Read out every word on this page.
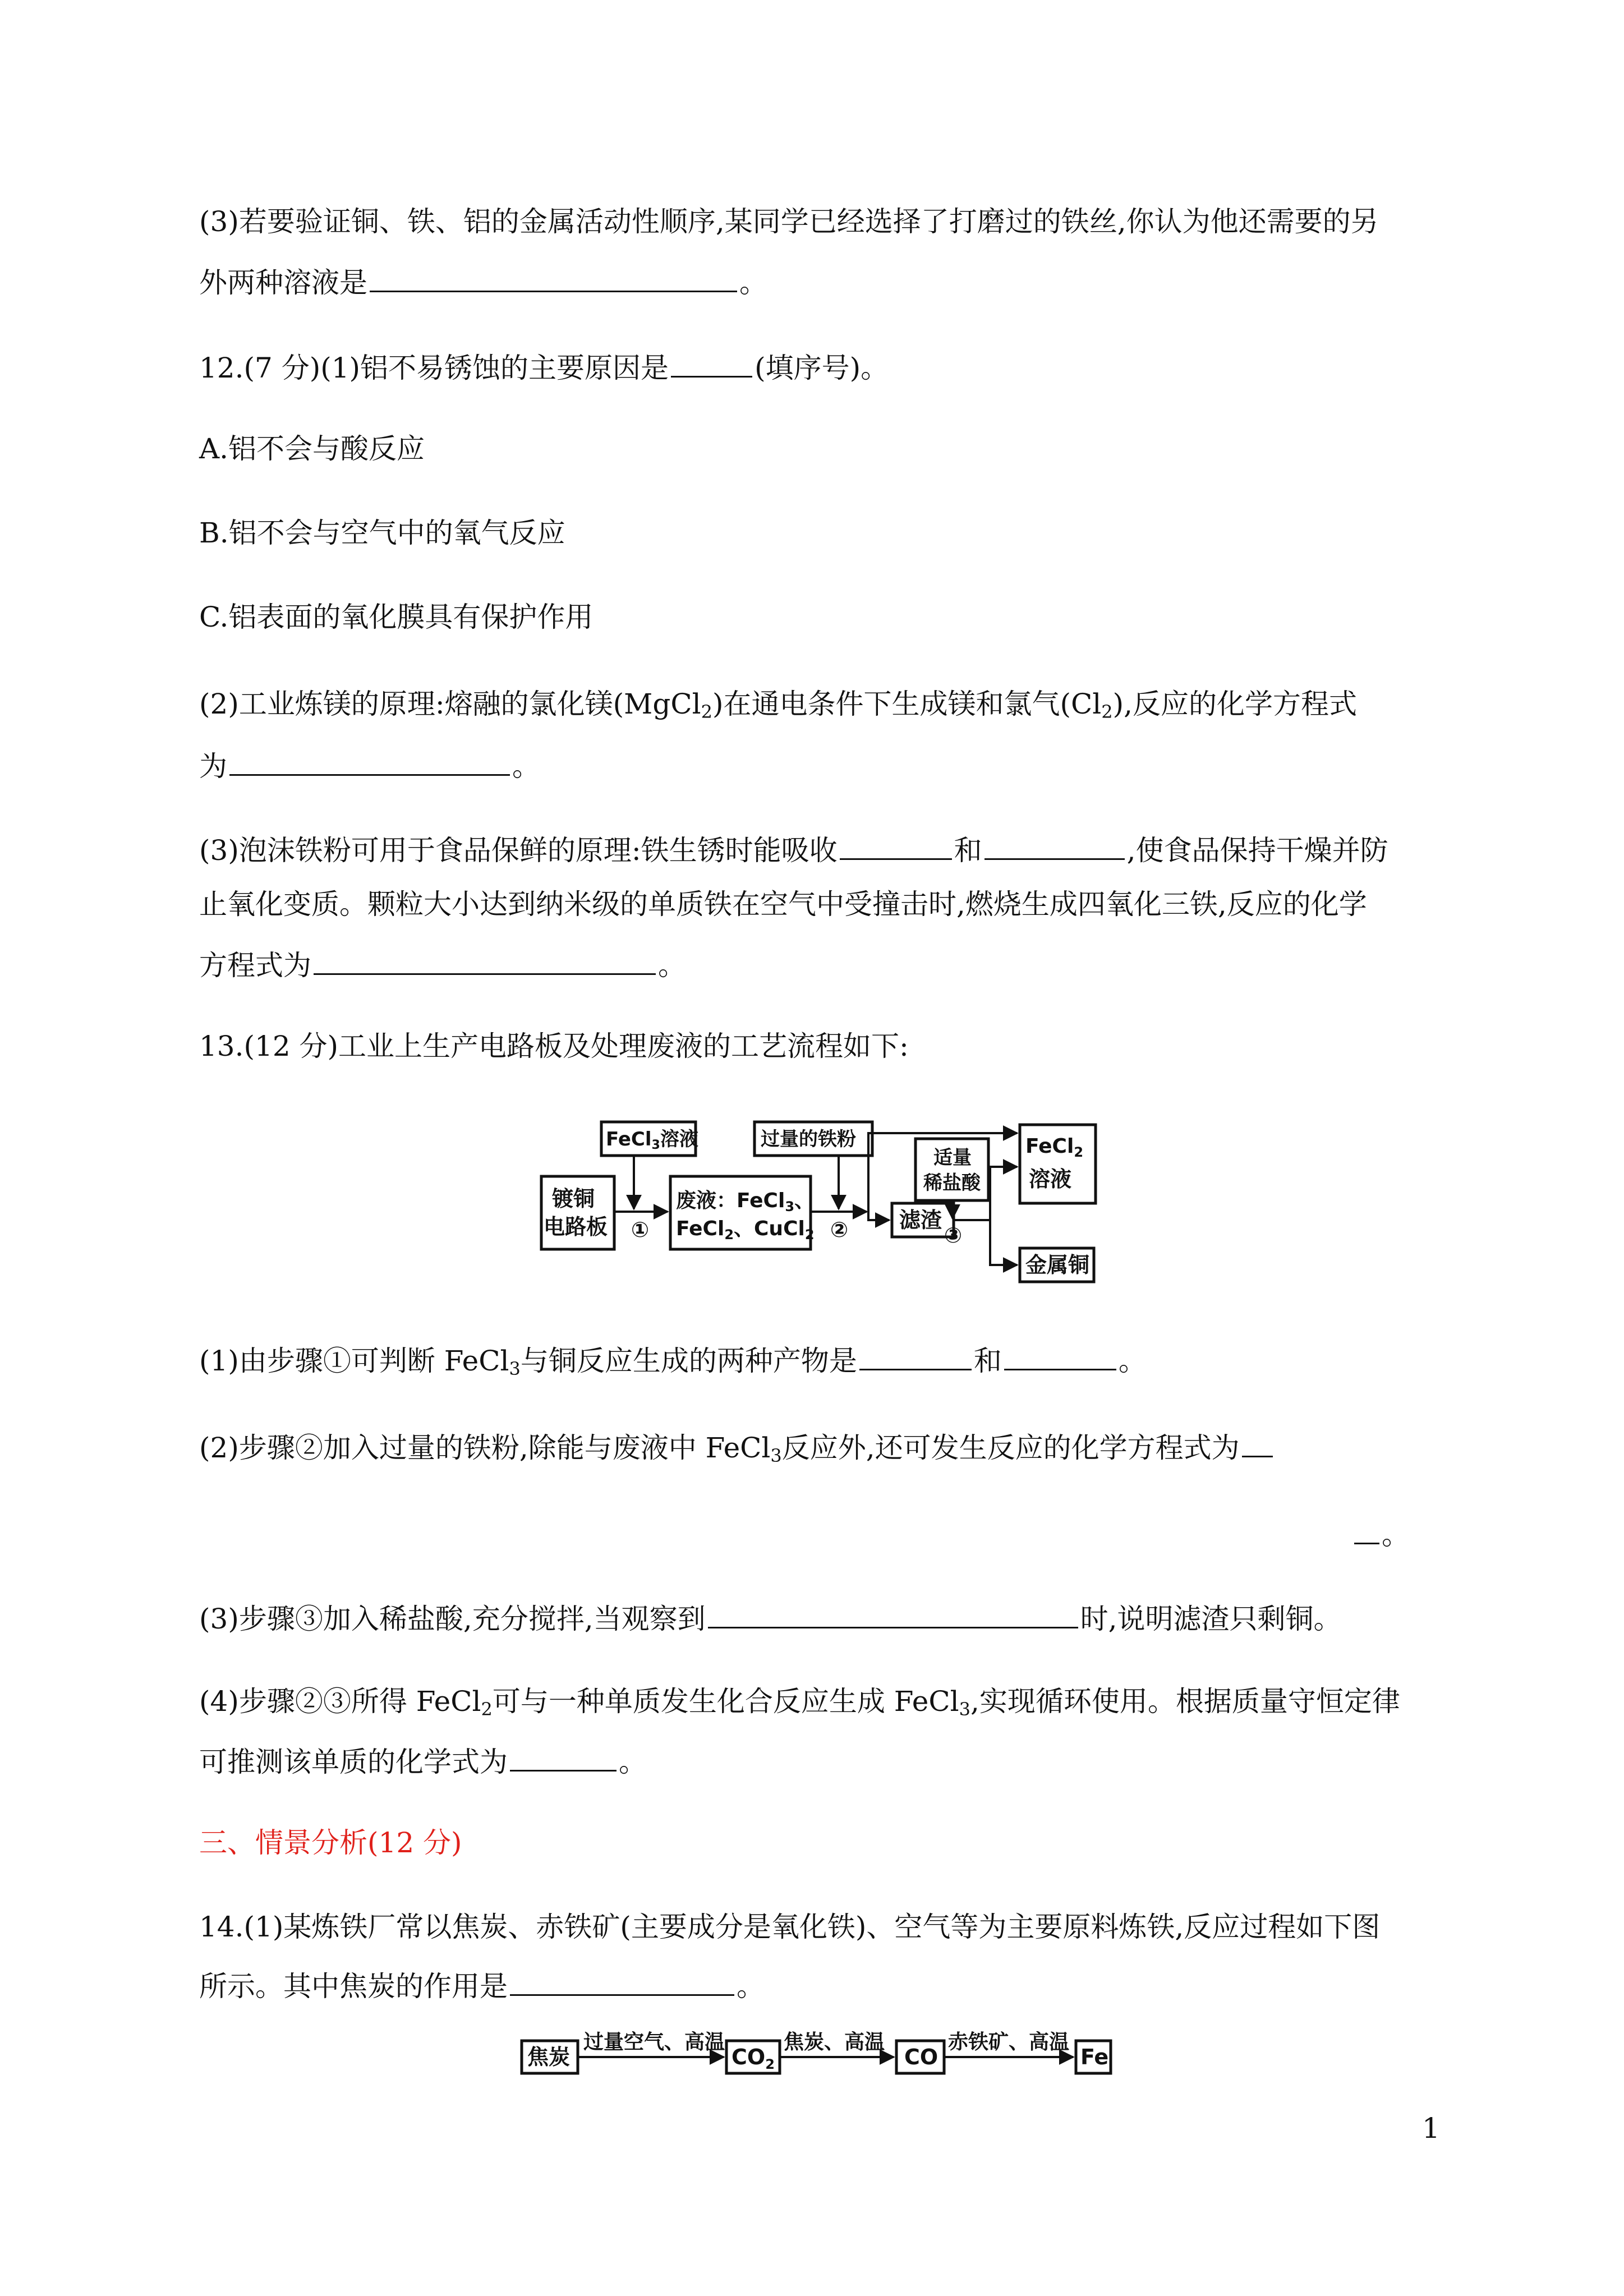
(3)若要验证铜、铁、铝的金属活动性顺序,某同学已经选择了打磨过的铁丝,你认为他还需要的另
外两种溶液是	。
12.(7 分)(1)铝不易锈蚀的主要原因是	(填序号)。
A.铝不会与酸反应
B.铝不会与空气中的氧气反应
C.铝表面的氧化膜具有保护作用
(2)工业炼镁的原理:熔融的氯化镁(MgCl$_2$)在通电条件下生成镁和氯气$(Cl_2)$,反应的化学方程式
为	。
(3)泡沫铁粉可用于食品保鲜的原理:铁生锈时能吸收	和	,使食品保持干燥并防
止氧化变质。颗粒大小达到纳米级的单质铁在空气中受撞击时,燃烧生成四氧化三铁,反应的化学
方程式为	。
13.(12 分)工业上生产电路板及处理废液的工艺流程如下:
FeCl3溶液
镀铜
电路板 ①
废液：FeCl3、
FeCl2、CuCl2
过量的铁粉
②
适量
稀盐酸
滤渣
③
FeCl2
溶液
金属铜
(1)由步骤①可判断 FeCl$_3$与铜反应生成的两种产物是	和	。
(2)步骤②加入过量的铁粉,除能与废液中 FeCl$_3$反应外,还可发生反应的化学方程式为
。
(3)步骤③加入稀盐酸,充分搅拌,当观察到	时,说明滤渣只剩铜。
(4)步骤②③所得 FeCl$_2$可与一种单质发生化合反应生成 FeCl$_3$,实现循环使用。根据质量守恒定律
可推测该单质的化学式为	。
三、情景分析(12 分)
14.(1)某炼铁厂常以焦炭、赤铁矿(主要成分是氧化铁)、空气等为主要原料炼铁,反应过程如下图
所示。其中焦炭的作用是	。
焦炭
过量空气、高温
$CO_2$
焦炭、高温
CO
赤铁矿、高温
Fe
1
